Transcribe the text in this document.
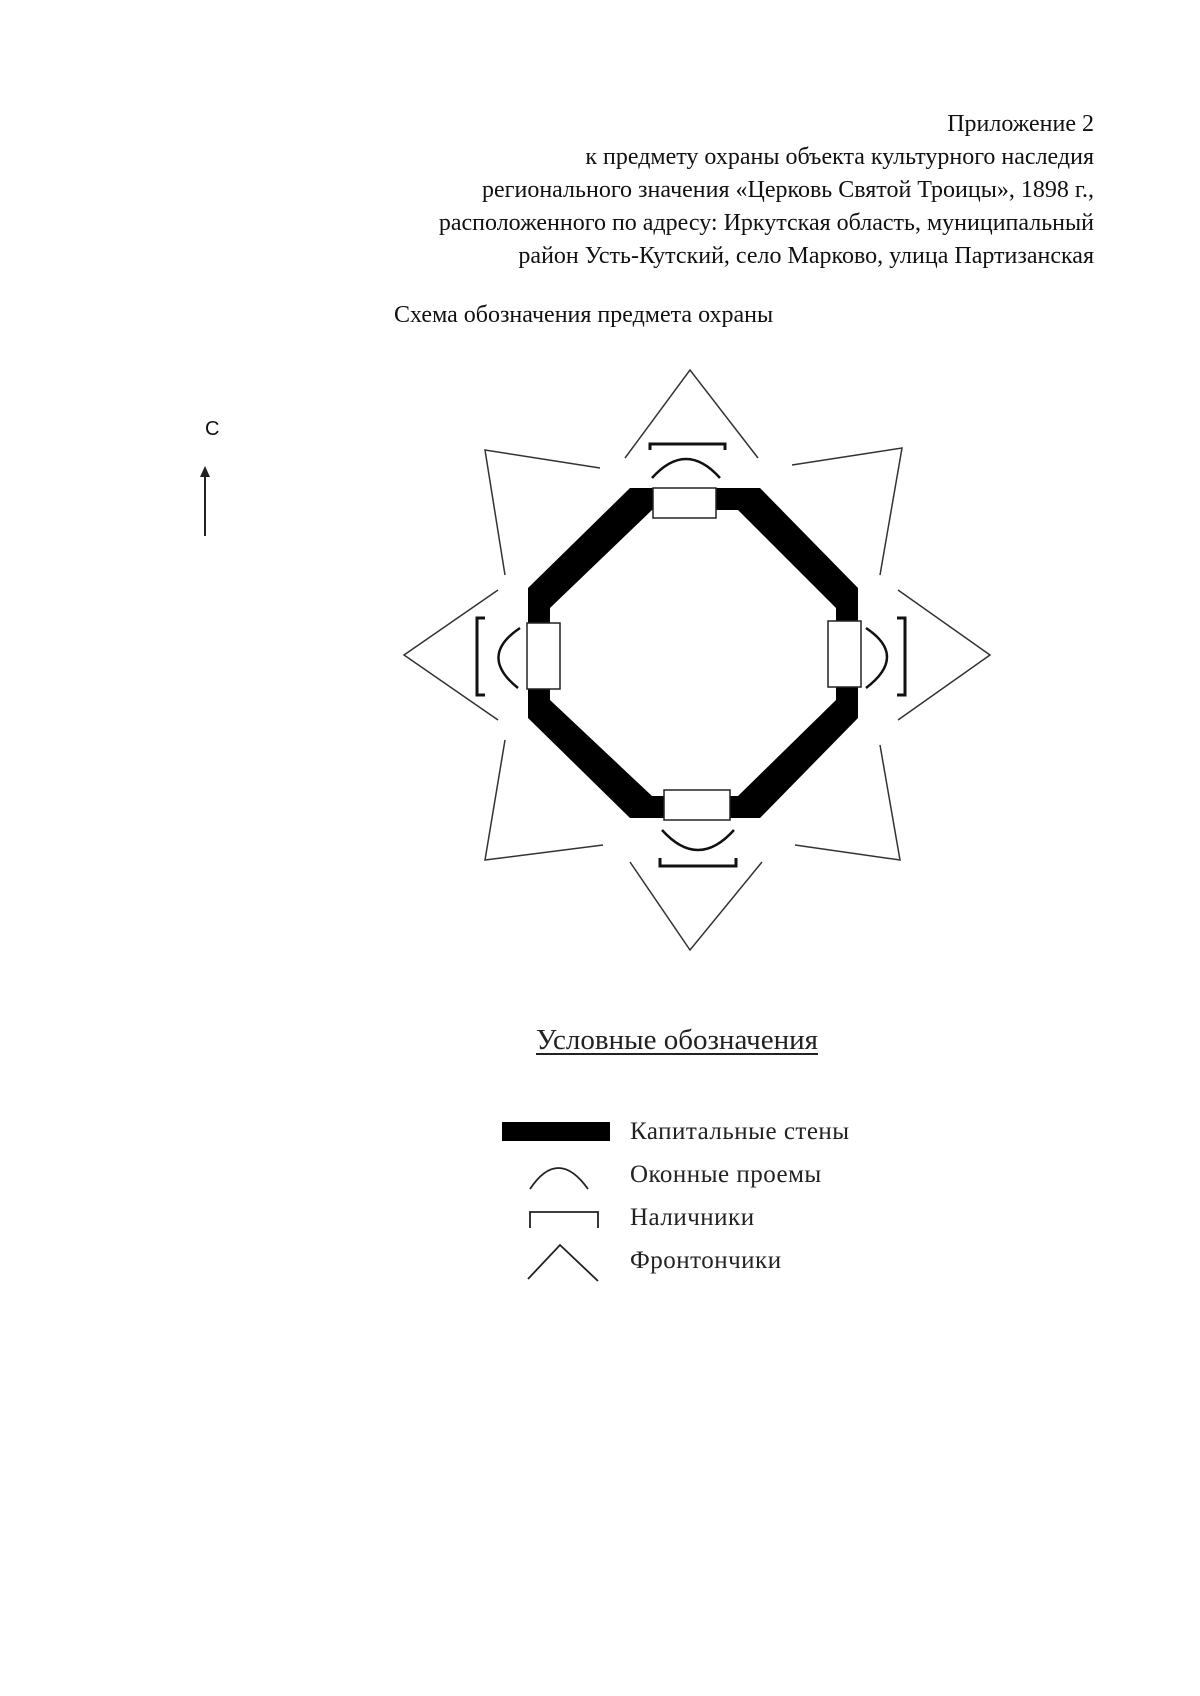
Приложение 2
к предмету охраны объекта культурного наследия
регионального значения «Церковь Святой Троицы», 1898 г.,
расположенного по адресу: Иркутская область, муниципальный
район Усть-Кутский, село Марково, улица Партизанская
Схема обозначения предмета охраны
С
Условные обозначения
Капитальные стены
Оконные проемы
Наличники
Фронтончики
